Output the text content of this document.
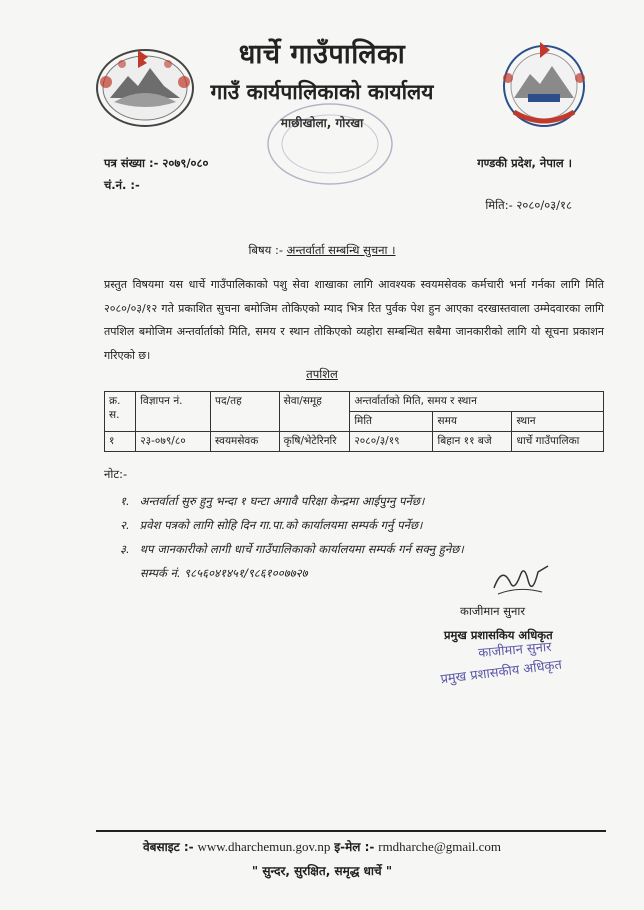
धार्चे गाउँपालिका
गाउँ कार्यपालिकाको कार्यालय
माछीखोला, गोरखा
पत्र संख्या :- २०७९/०८०
चं.नं. :-
गण्डकी प्रदेश, नेपाल ।
मिति:- २०८०/०३/१८
बिषय :- अन्तर्वार्ता सम्बन्धि सुचना ।
प्रस्तुत विषयमा यस धार्चे गाउँपालिकाको पशु सेवा शाखाका लागि आवश्यक स्वयमसेवक कर्मचारी भर्ना गर्नका लागि मिति २०८०/०३/१२ गते प्रकाशित सुचना बमोजिम तोकिएको म्याद भित्र रित पुर्वक पेश हुन आएका दरखास्तवाला उम्मेदवारका लागि तपशिल बमोजिम अन्तर्वार्ताको मिति, समय र स्थान तोकिएको व्यहोरा सम्बन्धित सबैमा जानकारीको लागि यो सूचना प्रकाशन गरिएको छ।
तपशिल
क्र.
स.	विज्ञापन नं.	पद/तह	सेवा/समूह	अन्तर्वार्ताको मिति, समय र स्थान		
				मिति	समय	स्थान
१	२३-०७९/८०	स्वयमसेवक	कृषि/भेटेरिनरि	२०८०/३/१९	बिहान ११ बजे	धार्चे गाउँपालिका
नोट:-
१. अन्तर्वार्ता सुरु हुनु भन्दा १ घन्टा अगावै परिक्षा केन्द्रमा आईपुग्नु पर्नेछ।
२. प्रवेश पत्रको लागि सोहि दिन गा.पा.को कार्यालयमा सम्पर्क गर्नु पर्नेछ।
३. थप जानकारीको लागी धार्चे गाउँपालिकाको कार्यालयमा सम्पर्क गर्न सक्नु हुनेछ।
सम्पर्क नं. ९८५६०४१४५१/९८६१००७७२७
काजीमान सुनार
प्रमुख प्रशासकिय अधिकृत
काजीमान सुनार
प्रमुख प्रशासकीय अधिकृत
वेबसाइट :- www.dharchemun.gov.np इ-मेल :- rmdharche@gmail.com
" सुन्दर, सुरक्षित, समृद्ध धार्चे "
